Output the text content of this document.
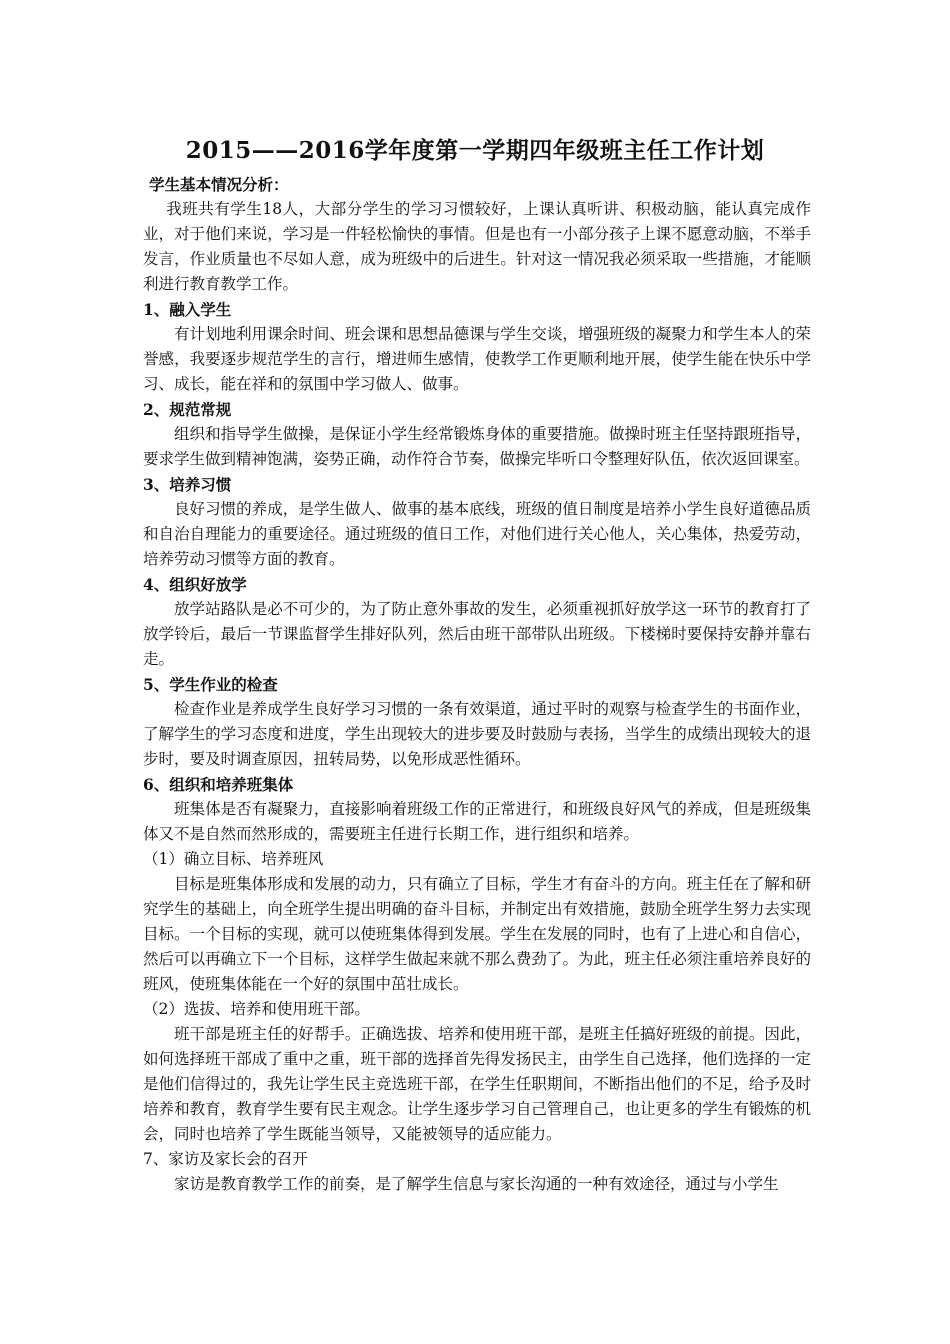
2015——2016学年度第一学期四年级班主任工作计划

学生基本情况分析：

我班共有学生18人，大部分学生的学习习惯较好，上课认真听讲、积极动脑，能认真完成作业，对于他们来说，学习是一件轻松愉快的事情。但是也有一小部分孩子上课不愿意动脑，不举手发言，作业质量也不尽如人意，成为班级中的后进生。针对这一情况我必须采取一些措施，才能顺利进行教育教学工作。

1、融入学生

有计划地利用课余时间、班会课和思想品德课与学生交谈，增强班级的凝聚力和学生本人的荣誉感，我要逐步规范学生的言行，增进师生感情，使教学工作更顺利地开展，使学生能在快乐中学习、成长，能在祥和的氛围中学习做人、做事。

2、规范常规

组织和指导学生做操，是保证小学生经常锻炼身体的重要措施。做操时班主任坚持跟班指导，要求学生做到精神饱满，姿势正确，动作符合节奏，做操完毕听口令整理好队伍，依次返回课室。

3、培养习惯

良好习惯的养成，是学生做人、做事的基本底线，班级的值日制度是培养小学生良好道德品质和自治自理能力的重要途径。通过班级的值日工作，对他们进行关心他人，关心集体，热爱劳动，培养劳动习惯等方面的教育。

4、组织好放学

放学站路队是必不可少的，为了防止意外事故的发生，必须重视抓好放学这一环节的教育打了放学铃后，最后一节课监督学生排好队列，然后由班干部带队出班级。下楼梯时要保持安静并靠右走。

5、学生作业的检查

检查作业是养成学生良好学习习惯的一条有效渠道，通过平时的观察与检查学生的书面作业，了解学生的学习态度和进度，学生出现较大的进步要及时鼓励与表扬，当学生的成绩出现较大的退步时，要及时调查原因，扭转局势，以免形成恶性循环。

6、组织和培养班集体

班集体是否有凝聚力，直接影响着班级工作的正常进行，和班级良好风气的养成，但是班级集体又不是自然而然形成的，需要班主任进行长期工作，进行组织和培养。

（1）确立目标、培养班风

目标是班集体形成和发展的动力，只有确立了目标，学生才有奋斗的方向。班主任在了解和研究学生的基础上，向全班学生提出明确的奋斗目标，并制定出有效措施，鼓励全班学生努力去实现目标。一个目标的实现，就可以使班集体得到发展。学生在发展的同时，也有了上进心和自信心，然后可以再确立下一个目标，这样学生做起来就不那么费劲了。为此，班主任必须注重培养良好的班风，使班集体能在一个好的氛围中茁壮成长。

（2）选拔、培养和使用班干部。

班干部是班主任的好帮手。正确选拔、培养和使用班干部，是班主任搞好班级的前提。因此，如何选择班干部成了重中之重，班干部的选择首先得发扬民主，由学生自己选择，他们选择的一定是他们信得过的，我先让学生民主竞选班干部，在学生任职期间，不断指出他们的不足，给予及时培养和教育，教育学生要有民主观念。让学生逐步学习自己管理自己，也让更多的学生有锻炼的机会，同时也培养了学生既能当领导，又能被领导的适应能力。

7、家访及家长会的召开

家访是教育教学工作的前奏，是了解学生信息与家长沟通的一种有效途径，通过与小学生
